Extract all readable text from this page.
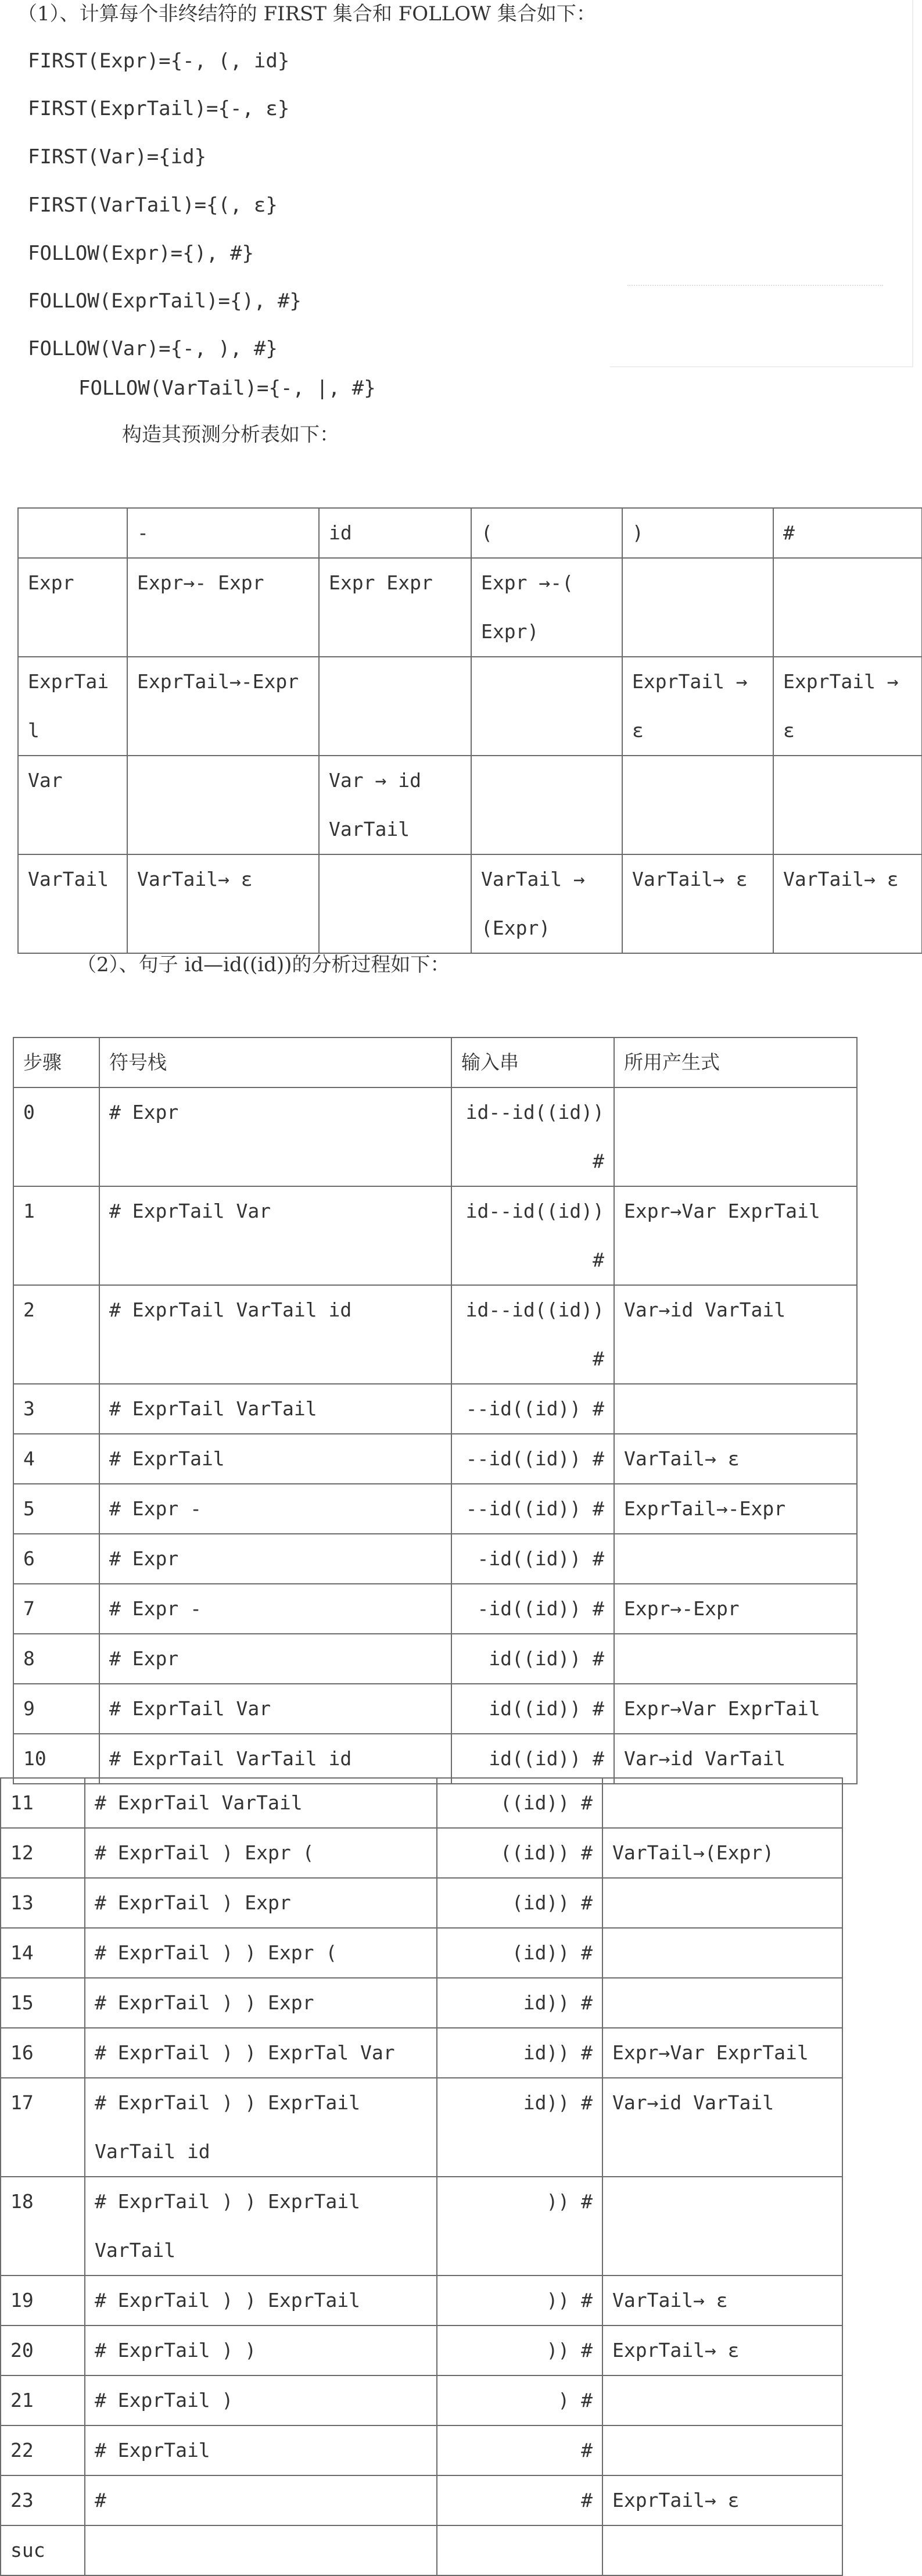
（1）、计算每个非终结符的 FIRST 集合和 FOLLOW 集合如下：
FIRST(Expr)={-, (, id}
FIRST(ExprTail)={-, ε}
FIRST(Var)={id}
FIRST(VarTail)={(, ε}
FOLLOW(Expr)={), #}
FOLLOW(ExprTail)={), #}
FOLLOW(Var)={-, ), #}
FOLLOW(VarTail)={-, |, #}
构造其预测分析表如下：
	-	id	(	)	#
Expr	Expr→- Expr	Expr Expr	Expr →-( Expr)		
ExprTail	ExprTail→-Expr			ExprTail → ε	ExprTail → ε
Var		Var → id VarTail			
VarTail	VarTail→ ε		VarTail → (Expr)	VarTail→ ε	VarTail→ ε
（2）、句子 id—id((id))的分析过程如下：
步骤	符号栈	输入串	所用产生式
0	# Expr	id--id((id)) #	
1	# ExprTail Var	id--id((id)) #	Expr→Var ExprTail
2	# ExprTail VarTail id	id--id((id)) #	Var→id VarTail
3	# ExprTail VarTail	--id((id)) #	
4	# ExprTail	--id((id)) #	VarTail→ ε
5	# Expr -	--id((id)) #	ExprTail→-Expr
6	# Expr	-id((id)) #	
7	# Expr -	-id((id)) #	Expr→-Expr
8	# Expr	id((id)) #	
9	# ExprTail Var	id((id)) #	Expr→Var ExprTail
10	# ExprTail VarTail id	id((id)) #	Var→id VarTail
11	# ExprTail VarTail	((id)) #	
12	# ExprTail ) Expr (	((id)) #	VarTail→(Expr)
13	# ExprTail ) Expr	(id)) #	
14	# ExprTail ) ) Expr (	(id)) #	
15	# ExprTail ) ) Expr	id)) #	
16	# ExprTail ) ) ExprTal Var	id)) #	Expr→Var ExprTail
17	# ExprTail ) ) ExprTail VarTail id	id)) #	Var→id VarTail
18	# ExprTail ) ) ExprTail VarTail	)) #	
19	# ExprTail ) ) ExprTail	)) #	VarTail→ ε
20	# ExprTail ) )	)) #	ExprTail→ ε
21	# ExprTail )	) #	
22	# ExprTail	#	
23	#	#	ExprTail→ ε
suc			
